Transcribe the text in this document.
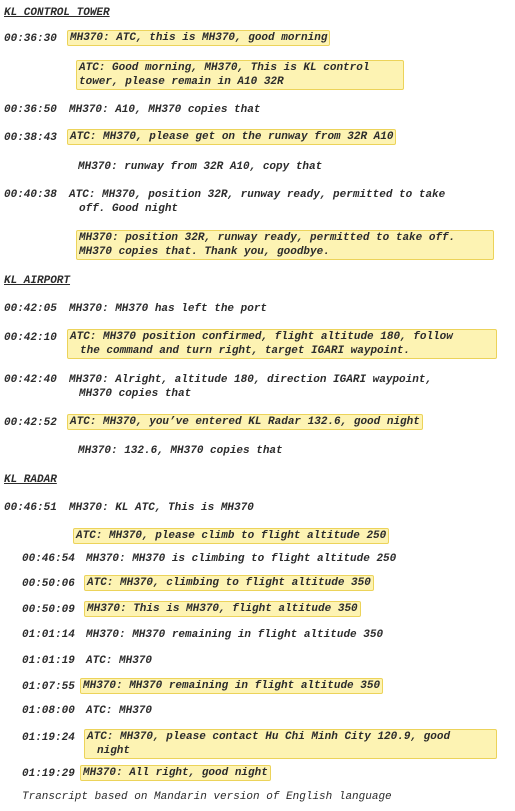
KL CONTROL TOWER
KL AIRPORT
KL RADAR
00:36:30 MH370: ATC, this is MH370, good morning
ATC: Good morning, MH370, This is KL control
tower, please remain in A10 32R
00:36:50 MH370: A10, MH370 copies that
00:38:43 ATC: MH370, please get on the runway from 32R A10
MH370: runway from 32R A10, copy that
00:40:38 ATC: MH370, position 32R, runway ready, permitted to take
off. Good night
MH370: position 32R, runway ready, permitted to take off.
MH370 copies that. Thank you, goodbye.
00:42:05 MH370: MH370 has left the port
00:42:10 ATC: MH370 position confirmed, flight altitude 180, follow
the command and turn right, target IGARI waypoint.
00:42:40 MH370: Alright, altitude 180, direction IGARI waypoint,
MH370 copies that
00:42:52 ATC: MH370, you’ve entered KL Radar 132.6, good night
MH370: 132.6, MH370 copies that
00:46:51 MH370: KL ATC, This is MH370
ATC: MH370, please climb to flight altitude 250
00:46:54 MH370: MH370 is climbing to flight altitude 250
00:50:06 ATC: MH370, climbing to flight altitude 350
00:50:09 MH370: This is MH370, flight altitude 350
01:01:14 MH370: MH370 remaining in flight altitude 350
01:01:19 ATC: MH370
01:07:55 MH370: MH370 remaining in flight altitude 350
01:08:00 ATC: MH370
01:19:24 ATC: MH370, please contact Hu Chi Minh City 120.9, good
night
01:19:29 MH370: All right, good night
Transcript based on Mandarin version of English language
